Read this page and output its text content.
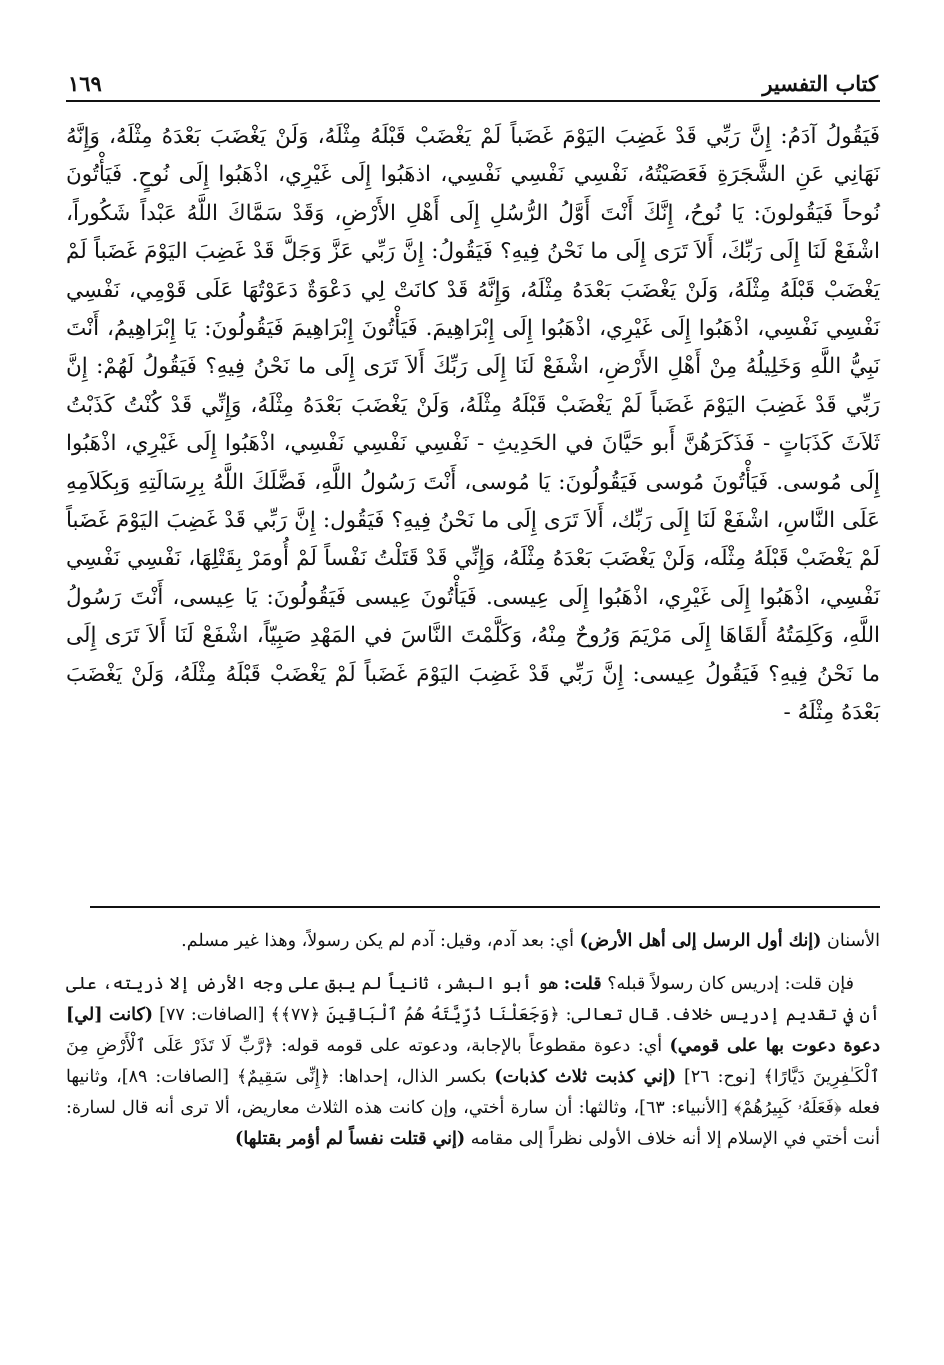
١٦٩	كتاب التفسير

فَيَقُولُ آدَمُ: إِنَّ رَبِّي قَدْ غَضِبَ اليَوْمَ غَضَباً لَمْ يَغْضَبْ قَبْلَهُ مِثْلَهُ، وَلَنْ يَغْضَبَ بَعْدَهُ مِثْلَهُ، وَإِنَّهُ نَهَانِي عَنِ الشَّجَرَةِ فَعَصَيْتُهُ، نَفْسِي نَفْسِي نَفْسِي، اذهَبُوا إِلَى غَيْرِي، اذْهَبُوا إِلَى نُوحٍ. فَيَأْتُونَ نُوحاً فَيَقُولونَ: يَا نُوحُ، إِنَّكَ أَنْتَ أَوَّلُ الرُّسُلِ إِلَى أَهْلِ الأَرْضِ، وَقَدْ سَمَّاكَ اللَّهُ عَبْداً شَكُوراً، اشْفَعْ لَنَا إِلَى رَبِّكَ، أَلاَ تَرَى إِلَى ما نَحْنُ فِيهِ؟ فَيَقُولُ: إِنَّ رَبِّي عَزَّ وَجَلَّ قَدْ غَضِبَ اليَوْمَ غَضَباً لَمْ يَغْضَبْ قَبْلَهُ مِثْلَهُ، وَلَنْ يَغْضَبَ بَعْدَهُ مِثْلَهُ، وَإِنَّهُ قَدْ كانَتْ لِي دَعْوَةٌ دَعَوْتُهَا عَلَى قَوْمِي، نَفْسِي نَفْسِي نَفْسِي، اذْهَبُوا إِلَى غَيْرِي، اذْهَبُوا إِلَى إِبْرَاهِيمَ. فَيَأْتُونَ إِبْرَاهِيمَ فَيَقُولُونَ: يَا إِبْرَاهِيمُ، أَنْتَ نَبِيُّ اللَّهِ وَخَلِيلُهُ مِنْ أَهْلِ الأَرْضِ، اشْفَعْ لَنَا إِلَى رَبِّكَ أَلاَ تَرَى إِلَى ما نَحْنُ فِيهِ؟ فَيَقُولُ لَهُمْ: إِنَّ رَبِّي قَدْ غَضِبَ اليَوْمَ غَضَباً لَمْ يَغْضَبْ قَبْلَهُ مِثْلَهُ، وَلَنْ يَغْضَبَ بَعْدَهُ مِثْلَهُ، وَإِنِّي قَدْ كُنْتُ كَذَبْتُ ثَلاَثَ كَذَبَاتٍ - فَذَكَرَهُنَّ أَبو حَيَّانَ في الحَدِيثِ - نَفْسِي نَفْسِي نَفْسِي، اذْهَبُوا إِلَى غَيْرِي، اذْهَبُوا إِلَى مُوسى. فَيَأْتُونَ مُوسى فَيَقُولُونَ: يَا مُوسى، أَنْتَ رَسُولُ اللَّهِ، فَضَّلَكَ اللَّهُ بِرِسَالَتِهِ وَبِكَلاَمِهِ عَلَى النَّاسِ، اشْفَعْ لَنَا إِلَى رَبِّك، أَلاَ تَرَى إِلَى ما نَحْنُ فِيهِ؟ فَيَقُول: إِنَّ رَبِّي قَدْ غَضِبَ اليَوْمَ غَضَباً لَمْ يَغْضَبْ قَبْلَهُ مِثْلَه، وَلَنْ يَغْضَبَ بَعْدَهُ مِثْلَهُ، وَإِنِّي قَدْ قَتَلْتُ نَفْساً لَمْ أُومَرْ بِقَتْلِهَا، نَفْسِي نَفْسِي نَفْسِي، اذْهَبُوا إِلَى غَيْرِي، اذْهَبُوا إِلَى عِيسى. فَيَأْتُونَ عِيسى فَيَقُولُونَ: يَا عِيسى، أَنْتَ رَسُولُ اللَّهِ، وَكَلِمَتُهُ أَلقَاهَا إِلَى مَرْيَمَ وَرُوحٌ مِنْهُ، وَكَلَّمْتَ النَّاسَ في المَهْدِ صَبِيّاً، اشْفَعْ لَنَا أَلاَ تَرَى إِلَى ما نَحْنُ فِيهِ؟ فَيَقُولُ عِيسى: إِنَّ رَبِّي قَدْ غَضِبَ اليَوْمَ غَضَباً لَمْ يَغْضَبْ قَبْلَهُ مِثْلَهُ، وَلَنْ يَغْضَبَ بَعْدَهُ مِثْلَهُ -

الأسنان (إنك أول الرسل إلى أهل الأرض) أي: بعد آدم، وقيل: آدم لم يكن رسولاً، وهذا غير مسلم.

فإن قلت: إدريس كان رسولاً قبله؟ قلت: هو أبو البشر، ثانياً لم يبق على وجه الأرض إلا ذريته، على أن في تقديم إدريس خلاف. قال تعالى: ﴿وَجَعَلْنَا ذُرِّيَّتَهُ هُمُ ٱلْبَاقِينَ ﴿٧٧﴾﴾ [الصافات: ٧٧] (كانت [لي] دعوة دعوت بها على قومي) أي: دعوة مقطوعاً بالإجابة، ودعوته على قومه قوله: ﴿رَّبِّ لَا تَذَرْ عَلَى ٱلْأَرْضِ مِنَ ٱلْكَـٰفِرِينَ دَيَّارًا﴾ [نوح: ٢٦] (إني كذبت ثلاث كذبات) بكسر الذال، إحداها: ﴿إِنِّى سَقِيمٌ﴾ [الصافات: ٨٩]، وثانيها فعله ﴿فَعَلَهُۥ كَبِيرُهُمْ﴾ [الأنبياء: ٦٣]، وثالثها: أن سارة أختي، وإن كانت هذه الثلاث معاريض، ألا ترى أنه قال لسارة: أنت أختي في الإسلام إلا أنه خلاف الأولى نظراً إلى مقامه (إني قتلت نفساً لم أؤمر بقتلها)
